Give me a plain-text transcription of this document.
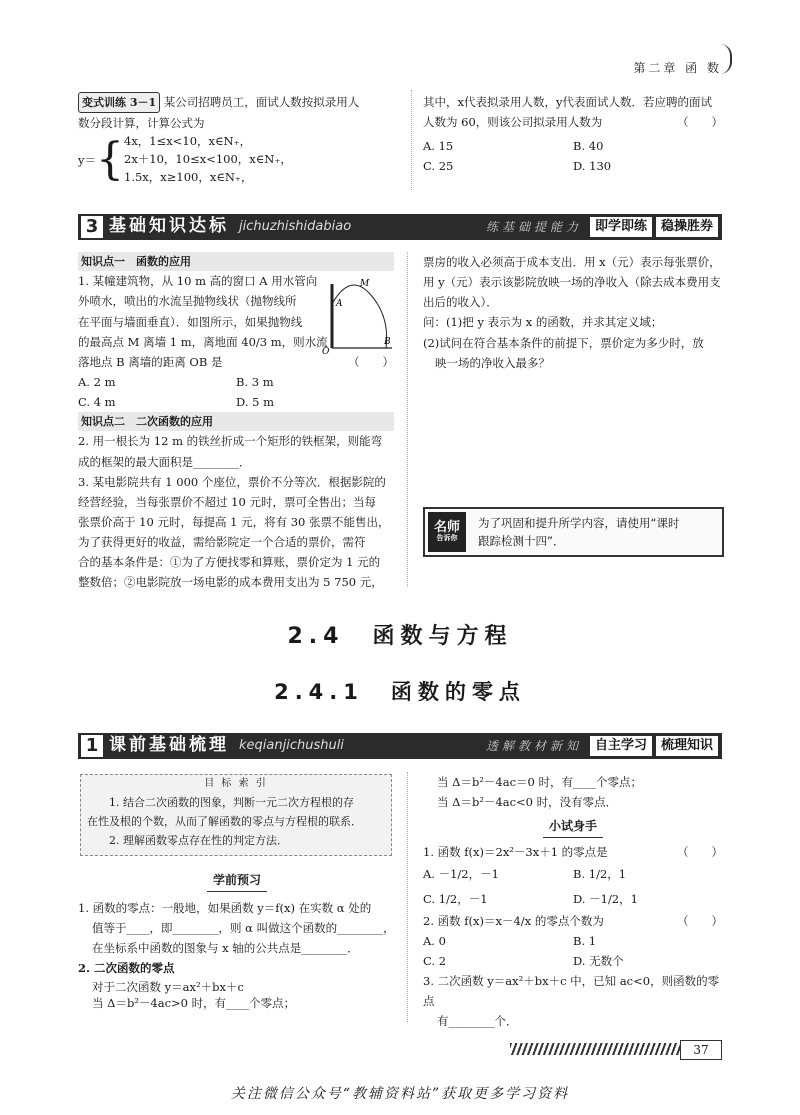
第二章 函 数
变式训练 3－1 某公司招聘员工，面试人数按拟录用人
数分段计算，计算公式为
y＝ { 4x，1≤x<10，x∈N₊，
2x＋10，10≤x<100，x∈N₊，
1.5x，x≥100，x∈N₊，
其中，x代表拟录用人数，y代表面试人数．若应聘的面试
人数为 60，则该公司拟录用人数为	（　　）
A. 15	B. 40
C. 25	D. 130
3 基础知识达标 jichuzhishidabiao	练基础提能力	即学即练	稳操胜券
知识点一　函数的应用
1. 某幢建筑物，从 10 m 高的窗口 A 用水管向
外喷水，喷出的水流呈抛物线状（抛物线所
在平面与墙面垂直）．如图所示，如果抛物线
的最高点 M 离墙 1 m，离地面 40/3 m，则水流
落地点 B 离墙的距离 OB 是	（　　）
A. 2 m	B. 3 m
C. 4 m	D. 5 m
知识点二　二次函数的应用
2. 用一根长为 12 m 的铁丝折成一个矩形的铁框架，则能弯
成的框架的最大面积是________．
3. 某电影院共有 1 000 个座位，票价不分等次．根据影院的
经营经验，当每张票价不超过 10 元时，票可全售出；当每
张票价高于 10 元时，每提高 1 元，将有 30 张票不能售出，
为了获得更好的收益，需给影院定一个合适的票价，需符
合的基本条件是：①为了方便找零和算账，票价定为 1 元的
整数倍；②电影院放一场电影的成本费用支出为 5 750 元，
M
A
O
B
票房的收入必须高于成本支出．用 x（元）表示每张票价，
用 y（元）表示该影院放映一场的净收入（除去成本费用支
出后的收入）．
问：(1)把 y 表示为 x 的函数，并求其定义域；
(2)试问在符合基本条件的前提下，票价定为多少时，放
映一场的净收入最多？
名师
告诉你
为了巩固和提升所学内容，请使用“课时
跟踪检测十四”．
2.4　函数与方程
2.4.1　函数的零点
1 课前基础梳理 keqianjichushuli	透解教材新知	自主学习	梳理知识
目 标 索 引
1. 结合二次函数的图象，判断一元二次方程根的存
在性及根的个数，从而了解函数的零点与方程根的联系．
2. 理解函数零点存在性的判定方法．
学前预习
1. 函数的零点：一般地，如果函数 y＝f(x) 在实数 α 处的
值等于____，即________，则 α 叫做这个函数的________，
在坐标系中函数的图象与 x 轴的公共点是________．
2. 二次函数的零点
对于二次函数 y＝ax²＋bx＋c
当 Δ＝b²－4ac>0 时，有____个零点；
当 Δ＝b²－4ac＝0 时，有____个零点；
当 Δ＝b²－4ac<0 时，没有零点．
小试身手
1. 函数 f(x)＝2x²－3x＋1 的零点是	（　　）
A. －1/2，－1	B. 1/2，1
C. 1/2，－1	D. －1/2，1
2. 函数 f(x)＝x－4/x 的零点个数为	（　　）
A. 0	B. 1
C. 2	D. 无数个
3. 二次函数 y＝ax²＋bx＋c 中，已知 ac<0，则函数的零点
有________个．
37
关注微信公众号“教辅资料站”获取更多学习资料
